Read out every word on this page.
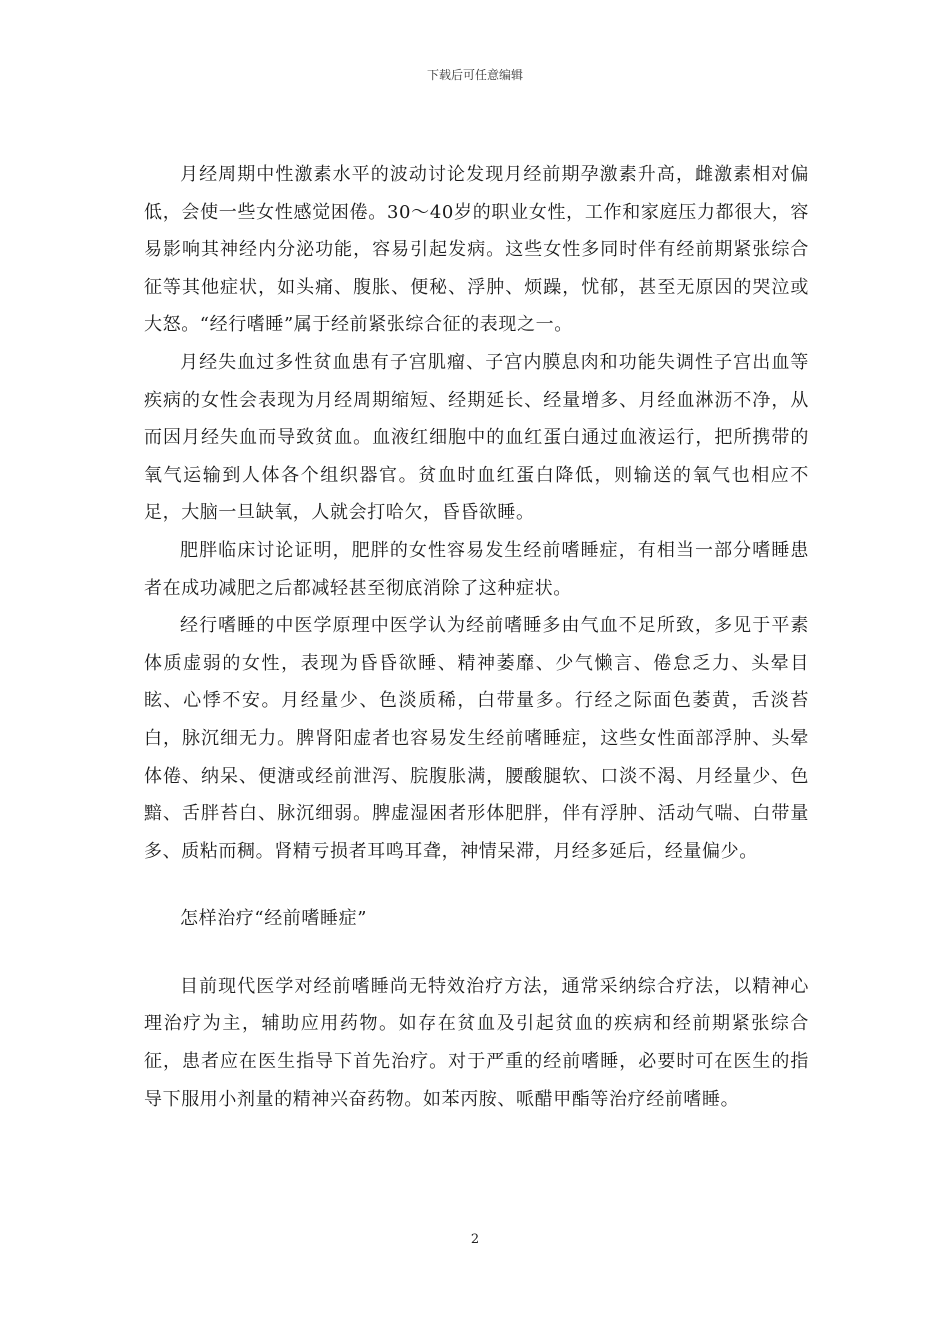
下载后可任意编辑

月经周期中性激素水平的波动讨论发现月经前期孕激素升高，雌激素相对偏低，会使一些女性感觉困倦。30～40岁的职业女性，工作和家庭压力都很大，容易影响其神经内分泌功能，容易引起发病。这些女性多同时伴有经前期紧张综合征等其他症状，如头痛、腹胀、便秘、浮肿、烦躁，忧郁，甚至无原因的哭泣或大怒。“经行嗜睡”属于经前紧张综合征的表现之一。

月经失血过多性贫血患有子宫肌瘤、子宫内膜息肉和功能失调性子宫出血等疾病的女性会表现为月经周期缩短、经期延长、经量增多、月经血淋沥不净，从而因月经失血而导致贫血。血液红细胞中的血红蛋白通过血液运行，把所携带的氧气运输到人体各个组织器官。贫血时血红蛋白降低，则输送的氧气也相应不足，大脑一旦缺氧，人就会打哈欠，昏昏欲睡。

肥胖临床讨论证明，肥胖的女性容易发生经前嗜睡症，有相当一部分嗜睡患者在成功减肥之后都减轻甚至彻底消除了这种症状。

经行嗜睡的中医学原理中医学认为经前嗜睡多由气血不足所致，多见于平素体质虚弱的女性，表现为昏昏欲睡、精神萎靡、少气懒言、倦怠乏力、头晕目眩、心悸不安。月经量少、色淡质稀，白带量多。行经之际面色萎黄，舌淡苔白，脉沉细无力。脾肾阳虚者也容易发生经前嗜睡症，这些女性面部浮肿、头晕体倦、纳呆、便溏或经前泄泻、脘腹胀满，腰酸腿软、口淡不渴、月经量少、色黯、舌胖苔白、脉沉细弱。脾虚湿困者形体肥胖，伴有浮肿、活动气喘、白带量多、质粘而稠。肾精亏损者耳鸣耳聋，神情呆滞，月经多延后，经量偏少。

怎样治疗“经前嗜睡症”

目前现代医学对经前嗜睡尚无特效治疗方法，通常采纳综合疗法，以精神心理治疗为主，辅助应用药物。如存在贫血及引起贫血的疾病和经前期紧张综合征，患者应在医生指导下首先治疗。对于严重的经前嗜睡，必要时可在医生的指导下服用小剂量的精神兴奋药物。如苯丙胺、哌醋甲酯等治疗经前嗜睡。

2
